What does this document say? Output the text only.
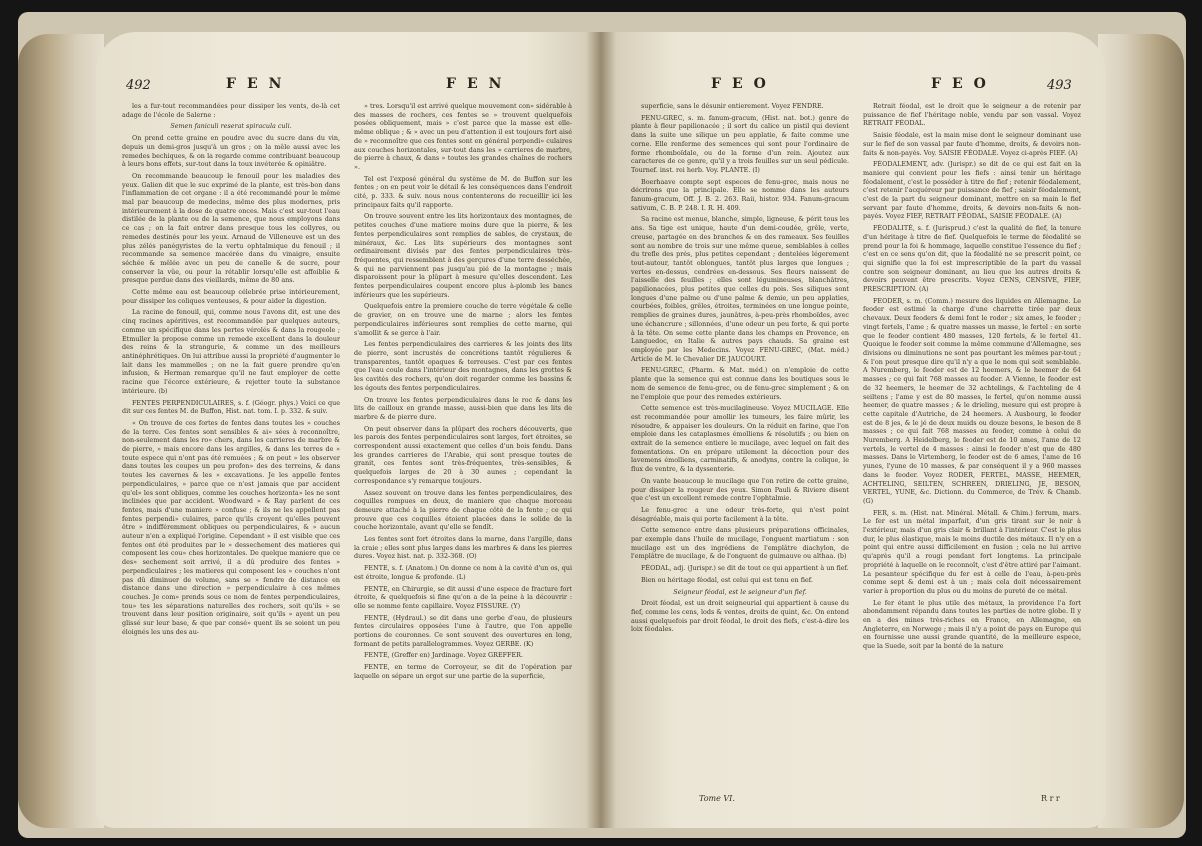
492	FEN	FEN

les a fur-tout recommandées pour dissiper les vents, de-là cet adage de l'école de Salerne :

Semen faniculi reserat spiracula culi.

On prend cette graine en poudre avec du sucre dans du vin, depuis un demi-gros jusqu'à un gros ; on la mêle aussi avec les remedes bechiques, & on la regarde comme contribuant beaucoup à leurs bons effets, sur-tout dans la toux invéterée & opiniâtre.

On recommande beaucoup le fenouil pour les maladies des yeux. Galien dit que le suc exprimé de la plante, est très-bon dans l'inflammation de cet organe : il a été recommandé pour le même mal par beaucoup de medecins, même des plus modernes, pris intérieurement à la dose de quatre onces. Mais c'est sur-tout l'eau distilée de la plante ou de la semence, que nous employons dans ce cas ; on la fait entrer dans presque tous les collyres, ou remedes destinés pour les yeux. Arnaud de Villeneuve est un des plus zélés panégyristes de la vertu ophtalmique du fenouil ; il recommande sa semence macérée dans du vinaigre, ensuite séchée & mêlée avec un peu de canelle & de sucre, pour conserver la vûe, ou pour la rétablir lorsqu'elle est affoiblie & presque perdue dans des vieillards, même de 80 ans.

Cette même eau est beaucoup célebrée prise intérieurement, pour dissiper les coliques venteuses, & pour aider la digestion.

La racine de fenouil, qui, comme nous l'avons dit, est une des cinq racines apéritives, est recommandée par quelques auteurs, comme un spécifique dans les pertes vérolés & dans la rougeole ; Etmuller la propose comme un remede excellent dans la douleur des reins & la strangurie, & comme un des meilleurs antinéphrétiques. On lui attribue aussi la propriété d'augmenter le lait dans les mammelles ; on ne la fait guere prendre qu'en infusion, & Herman remarque qu'il ne faut employer de cette racine que l'écorce extérieure, & rejetter toute la substance intérieure. (b)

FENTES PERPENDICULAIRES, s. f. (Géogr. phys.) Voici ce que dit sur ces fentes M. de Buffon, Hist. nat. tom. I. p. 332. & suiv.

« On trouve de ces fortes de fentes dans toutes les » couches de la terre. Ces fentes sont sensibles & ai» sées à reconnoître, non-seulement dans les ro» chers, dans les carrieres de marbre & de pierre, » mais encore dans les argilles, & dans les terres de » toute espece qui n'ont pas été remuées ; & on peut » les observer dans toutes les coupes un peu profon» des des terreins, & dans toutes les cavernes & les » excavations. Je les appelle fentes perpendiculaires, » parce que ce n'est jamais que par accident qu'el» les sont obliques, comme les couches horizonta» les ne sont inclinées que par accident. Woodward » & Ray parlent de ces fentes, mais d'une maniere » confuse ; & ils ne les appellent pas fentes perpendi» culaires, parce qu'ils croyent qu'elles peuvent être » indifféremment obliques ou perpendiculaires, & » aucun auteur n'en a expliqué l'origine. Cependant » il est visible que ces fentes ont été produites par le » dessechement des matieres qui composent les cou» ches horizontales. De quelque maniere que ce des» sechement soit arrivé, il a dû produire des fentes » perpendiculaires ; les matieres qui composent les » couches n'ont pas dû diminuer de volume, sans se » fendre de distance en distance dans une direction » perpendiculaire à ces mêmes couches. Je com» prends sous ce nom de fentes perpendiculaires, tou» tes les séparations naturelles des rochers, soit qu'ils » se trouvent dans leur position originaire, soit qu'ils » ayent un peu glissé sur leur base, & que par consé» quent ils se soient un peu éloignés les uns des au-

» tres. Lorsqu'il est arrivé quelque mouvement con» sidérable à des masses de rochers, ces fentes se » trouvent quelquefois posées obliquement, mais » c'est parce que la masse est elle-même oblique ; & » avec un peu d'attention il est toujours fort aisé de » reconnoître que ces fentes sont en général perpendi» culaires aux couches horizontales, sur-tout dans les » carrieres de marbre, de pierre à chaux, & dans » toutes les grandes chaînes de rochers ».

Tel est l'exposé général du système de M. de Buffon sur les fentes ; on en peut voir le détail & les conséquences dans l'endroit cité, p. 333. & suiv. nous nous contenterons de recueillir ici les principaux faits qu'il rapporte.

On trouve souvent entre les lits horizontaux des montagnes, de petites couches d'une matiere moins dure que la pierre, & les fentes perpendiculaires sont remplies de sables, de crystaux, de minéraux, &c. Les lits supérieurs des montagnes sont ordinairement divisés par des fentes perpendiculaires très-fréquentes, qui ressemblent à des gerçures d'une terre desséchée, & qui ne parviennent pas jusqu'au pié de la montagne ; mais disparoissent pour la plûpart à mesure qu'elles descendent. Les fentes perpendiculaires coupent encore plus à-plomb les bancs inférieurs que les supérieurs.

Quelquefois entre la premiere couche de terre végétale & celle de gravier, on en trouve une de marne ; alors les fentes perpendiculaires inférieures sont remplies de cette marne, qui s'amollit & se gerce à l'air.

Les fentes perpendiculaires des carrieres & les joints des lits de pierre, sont incrustés de concrétions tantôt régulieres & transparentes, tantôt opaques & terreuses. C'est par ces fentes que l'eau coule dans l'intérieur des montagnes, dans les grottes & les cavités des rochers, qu'on doit regarder comme les bassins & les égouts des fentes perpendiculaires.

On trouve les fentes perpendiculaires dans le roc & dans les lits de cailloux en grande masse, aussi-bien que dans les lits de marbre & de pierre dure.

On peut observer dans la plûpart des rochers découverts, que les parois des fentes perpendiculaires sont larges, fort étroites, se correspondent aussi exactement que celles d'un bois fendu. Dans les grandes carrieres de l'Arabie, qui sont presque toutes de granit, ces fentes sont très-fréquentes, très-sensibles, & quelquefois larges de 20 à 30 aunes ; cependant la correspondance s'y remarque toujours.

Assez souvent on trouve dans les fentes perpendiculaires, des coquilles rompues en deux, de maniere que chaque morceau demeure attaché à la pierre de chaque côté de la fente ; ce qui prouve que ces coquilles étoient placées dans le solide de la couche horizontale, avant qu'elle se fendît.

Les fentes sont fort étroites dans la marne, dans l'argille, dans la craie ; elles sont plus larges dans les marbres & dans les pierres dures. Voyez hist. nat. p. 332-368. (O)

FENTE, s. f. (Anatom.) On donne ce nom à la cavité d'un os, qui est étroite, longue & profonde. (L)

FENTE, en Chirurgie, se dit aussi d'une espece de fracture fort étroite, & quelquefois si fine qu'on a de la peine à la découvrir : elle se nomme fente capillaire. Voyez FISSURE. (Y)

FENTE, (Hydraul.) se dit dans une gerbe d'eau, de plusieurs fentes circulaires opposées l'une à l'autre, que l'on appelle portions de couronnes. Ce sont souvent des ouvertures en long, formant de petits parallelogrammes. Voyez GERBE. (K)

FENTE, (Greffer en) Jardinage. Voyez GREFFER.

FENTE, en terme de Corroyeur, se dit de l'opération par laquelle on sépare un ergot sur une partie de la superficie,

FEO	FEO	493

superficie, sans le désunir entierement. Voyez FENDRE.

FENU-GREC, s. m. fanum-gracum, (Hist. nat. bot.) genre de plante à fleur papilionacée ; il sort du calice un pistil qui devient dans la suite une silique un peu applatie, & faite comme une corne. Elle renferme des semences qui sont pour l'ordinaire de forme rhomboïdale, ou de la forme d'un rein. Ajoutez aux caracteres de ce genre, qu'il y a trois feuilles sur un seul pédicule. Tournef. inst. rei herb. Voy. PLANTE. (I)

Boerhaave compte sept especes de fenu-grec, mais nous ne décrirons que la principale. Elle se nomme dans les auteurs fanum-gracum, Off. J. B. 2. 263. Raii, histor. 934. Fanum-gracum sativum, C. B. P. 248. I. R. H. 409.

Sa racine est menue, blanche, simple, ligneuse, & périt tous les ans. Sa tige est unique, haute d'un demi-coudée, grêle, verte, creuse, partagée en des branches & en des rameaux. Ses feuilles sont au nombre de trois sur une même queue, semblables à celles du trefle des prés, plus petites cependant ; dentelées légerement tout-autour, tantôt oblongues, tantôt plus larges que longues ; vertes en-dessus, cendrées en-dessous. Ses fleurs naissent de l'aisselle des feuilles ; elles sont légumineuses, blanchâtres, papilionacées, plus petites que celles du pois. Ses siliques sont longues d'une palme ou d'une palme & demie, un peu applaties, courbées, foibles, grêles, étroites, terminées en une longue pointe, remplies de graines dures, jaunâtres, à-peu-près rhomboïdes, avec une échancrure ; sillonnées, d'une odeur un peu forte, & qui porte à la tête. On seme cette plante dans les champs en Provence, en Languedoc, en Italie & autres pays chauds. Sa graine est employée par les Medecins. Voyez FENU-GREC, (Mat. méd.) Article de M. le Chevalier DE JAUCOURT.

FENU-GREC, (Pharm. & Mat. méd.) on n'emploie de cette plante que la semence qui est connue dans les boutiques sous le nom de semence de fenu-grec, ou de fenu-grec simplement ; & on ne l'emploie que pour des remedes extérieurs.

Cette semence est très-mucilagineuse. Voyez MUCILAGE. Elle est recommandée pour amollir les tumeurs, les faire mûrir, les résoudre, & appaiser les douleurs. On la réduit en farine, que l'on emploie dans les cataplasmes émolliens & résolutifs ; ou bien on extrait de la semence entiere le mucilage, avec lequel on fait des fomentations. On en prépare utilement la décoction pour des lavemens émolliens, carminatifs, & anodyns, contre la colique, le flux de ventre, & la dyssenterie.

On vante beaucoup le mucilage que l'on retire de cette graine, pour dissiper la rougeur des yeux. Simon Pauli & Riviere disent que c'est un excellent remede contre l'ophtalmie.

Le fenu-grec a une odeur très-forte, qui n'est point désagréable, mais qui porte facilement à la tête.

Cette semence entre dans plusieurs préparations officinales, par exemple dans l'huile de mucilage, l'onguent martiatum : son mucilage est un des ingrédiens de l'emplâtre diachylon, de l'emplâtre de mucilage, & de l'onguent de guimauve ou althaa. (b)

FÉODAL, adj. (Jurispr.) se dit de tout ce qui appartient à un fief.

Bien ou héritage féodal, est celui qui est tenu en fief.

Seigneur féodal, est le seigneur d'un fief.

Droit féodal, est un droit seigneurial qui appartient à cause du fief, comme les cens, lods & ventes, droits de quint, &c. On entend aussi quelquefois par droit féodal, le droit des fiefs, c'est-à-dire les loix féodales.

Retrait féodal, est le droit que le seigneur a de retenir par puissance de fief l'héritage noble, vendu par son vassal. Voyez RETRAIT FÉODAL.

Saisie féodale, est la main mise dont le seigneur dominant use sur le fief de son vassal par faute d'homme, droits, & devoirs non-faits & non-payés. Voy. SAISIE FÉODALE. Voyez ci-après FIEF. (A)

FÉODALEMENT, adv. (Jurispr.) se dit de ce qui est fait en la maniere qui convient pour les fiefs : ainsi tenir un héritage féodalement, c'est le posséder à titre de fief ; retenir féodalement, c'est retenir l'acquéreur par puissance de fief ; saisir féodalement, c'est de la part du seigneur dominant, mettre en sa main le fief servant par faute d'homme, droits, & devoirs non-faits & non-payés. Voyez FIEF, RETRAIT FÉODAL, SAISIE FÉODALE. (A)

FÉODALITÉ, s. f. (Jurisprud.) c'est la qualité de fief, la tenure d'un héritage à titre de fief. Quelquefois le terme de féodalité se prend pour la foi & hommage, laquelle constitue l'essence du fief ; c'est en ce sens qu'on dit, que la féodalité ne se prescrit point, ce qui signifie que la foi est imprescriptible de la part du vassal contre son seigneur dominant, au lieu que les autres droits & devoirs peuvent être prescrits. Voyez CENS, CENSIVE, FIEF, PRESCRIPTION. (A)

FEODER, s. m. (Comm.) mesure des liquides en Allemagne. Le feoder est estimé la charge d'une charrette tirée par deux chevaux. Deux feoders & demi font le roder ; six ames, le feoder ; vingt fertels, l'ame ; & quatre masses un masse, le fertel : en sorte que le feoder contient 480 masses, 120 fertels, & le fertel 41. Quoique le feoder soit comme la même commune d'Allemagne, ses divisions ou diminutions ne sont pas pourtant les mêmes par-tout ; & l'on peut presque dire qu'il n'y a que le nom qui soit semblable. A Nuremberg, le feoder est de 12 heemers, & le heemer de 64 masses ; ce qui fait 768 masses au feoder. A Vienne, le feoder est de 32 heemers, le heemer de 32 achtelings, & l'achteling de 4 seiltens ; l'ame y est de 80 masses, le fertel, qu'on nomme aussi heemer, de quatre masses ; & le drieling, mesure qui est propre à cette capitale d'Autriche, de 24 heemers. A Ausbourg, le feoder est de 8 jes, & le jé de deux muids ou douze besons, le beson de 8 masses ; ce qui fait 768 masses au feoder, comme à celui de Nuremberg. A Heidelberg, le feoder est de 10 ames, l'ame de 12 vertels, le vertel de 4 masses : ainsi le feoder n'est que de 480 masses. Dans le Virtemberg, le feoder est de 6 ames, l'ame de 16 yunes, l'yune de 10 masses, & par conséquent il y a 960 masses dans le feoder. Voyez RODER, FERTEL, MASSE, HEEMER, ACHTELING, SEILTEN, SCHREEN, DRIELING, JE, BESON, VERTEL, YUNE, &c. Dictionn. du Commerce, de Trév. & Chamb. (G)

FER, s. m. (Hist. nat. Minéral. Métall. & Chim.) ferrum, mars. Le fer est un métal imparfait, d'un gris tirant sur le noir à l'extérieur, mais d'un gris clair & brillant à l'intérieur. C'est le plus dur, le plus élastique, mais le moins ductile des métaux. Il n'y en a point qui entre aussi difficilement en fusion ; cela ne lui arrive qu'après qu'il a rougi pendant fort longtems. La principale propriété à laquelle on le reconnoît, c'est d'être attiré par l'aimant. La pesanteur spécifique du fer est à celle de l'eau, à-peu-près comme sept & demi est à un ; mais cela doit nécessairement varier à proportion du plus ou du moins de pureté de ce métal.

Le fer étant le plus utile des métaux, la providence l'a fort abondamment répandu dans toutes les parties de notre globe. Il y en a des mines très-riches en France, en Allemagne, en Angleterre, en Norwege ; mais il n'y a point de pays en Europe qui en fournisse une aussi grande quantité, de la meilleure espece, que la Suede, soit par la bonté de la nature

Tome VI.	R r r
